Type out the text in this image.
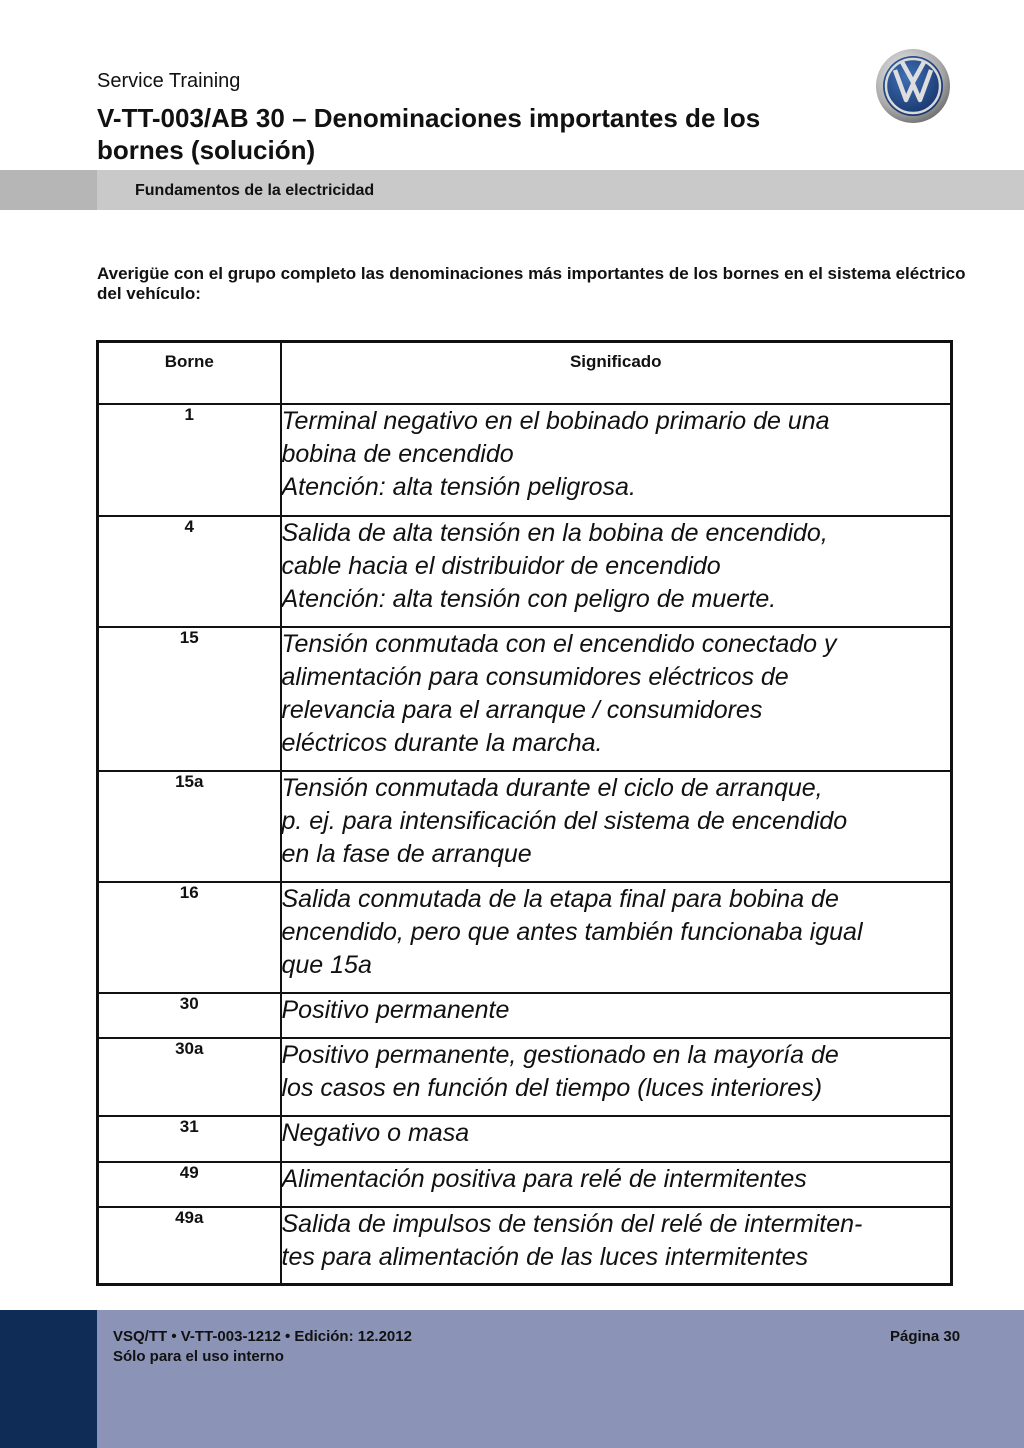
Service Training
V-TT-003/AB 30 – Denominaciones importantes de los bornes (solución)
Fundamentos de la electricidad
Averigüe con el grupo completo las denominaciones más importantes de los bornes en el sistema eléctrico del vehículo:
Borne	Significado
1	Terminal negativo en el bobinado primario de una
bobina de encendido
Atención: alta tensión peligrosa.
4	Salida de alta tensión en la bobina de encendido,
cable hacia el distribuidor de encendido
Atención: alta tensión con peligro de muerte.
15	Tensión conmutada con el encendido conectado y
alimentación para consumidores eléctricos de
relevancia para el arranque / consumidores
eléctricos durante la marcha.
15a	Tensión conmutada durante el ciclo de arranque,
p. ej. para intensificación del sistema de encendido
en la fase de arranque
16	Salida conmutada de la etapa final para bobina de
encendido, pero que antes también funcionaba igual
que 15a
30	Positivo permanente
30a	Positivo permanente, gestionado en la mayoría de
los casos en función del tiempo (luces interiores)
31	Negativo o masa
49	Alimentación positiva para relé de intermitentes
49a	Salida de impulsos de tensión del relé de intermiten-
tes para alimentación de las luces intermitentes
VSQ/TT • V-TT-003-1212 • Edición: 12.2012
Sólo para el uso interno
Página 30
